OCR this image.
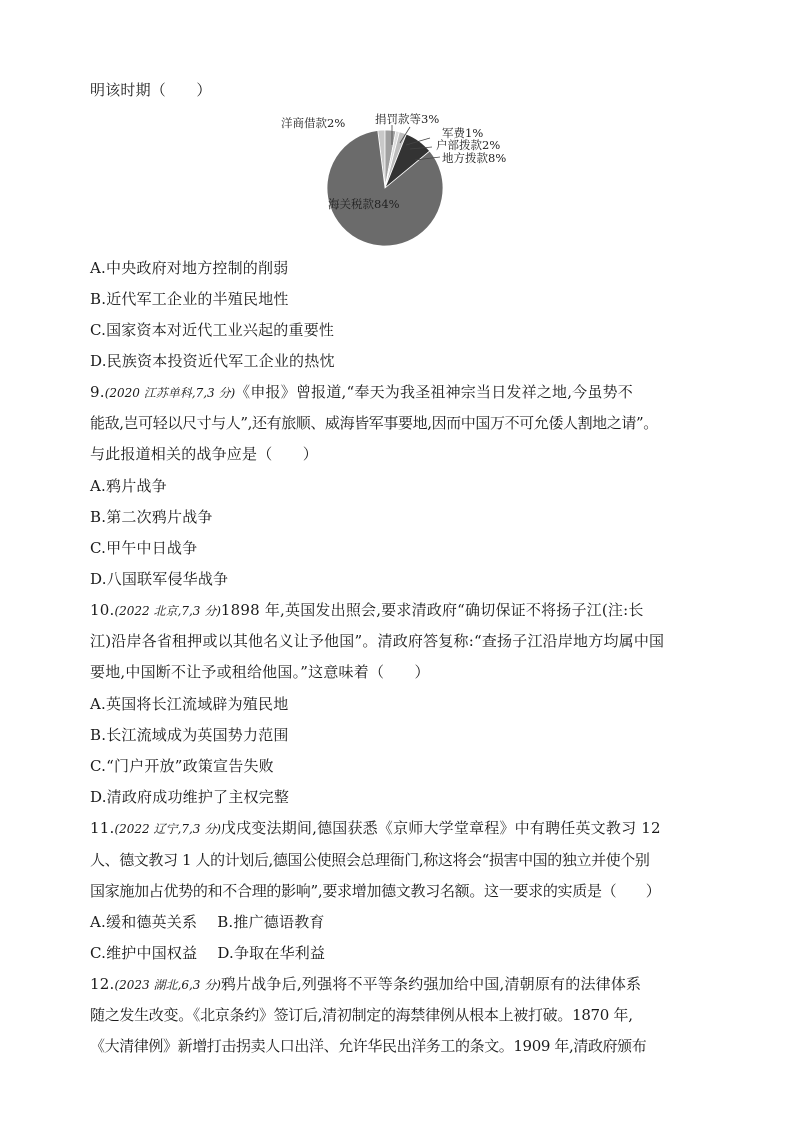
明该时期（　　）
海关税款84%
洋商借款2%	捐罚款等3%
军费1%
户部拨款2%
地方拨款8%
A.中央政府对地方控制的削弱
B.近代军工企业的半殖民地性
C.国家资本对近代工业兴起的重要性
D.民族资本投资近代军工企业的热忱
9.(2020 江苏单科,7,3 分)《申报》曾报道,“奉天为我圣祖神宗当日发祥之地,今虽势不
能敌,岂可轻以尺寸与人”,还有旅顺、威海皆军事要地,因而中国万不可允倭人割地之请”。
与此报道相关的战争应是（　　）
A.鸦片战争
B.第二次鸦片战争
C.甲午中日战争
D.八国联军侵华战争
10.(2022 北京,7,3 分)1898 年,英国发出照会,要求清政府“确切保证不将扬子江(注:长
江)沿岸各省租押或以其他名义让予他国”。清政府答复称:“查扬子江沿岸地方均属中国
要地,中国断不让予或租给他国。”这意味着（　　）
A.英国将长江流域辟为殖民地
B.长江流域成为英国势力范围
C.“门户开放”政策宣告失败
D.清政府成功维护了主权完整
11.(2022 辽宁,7,3 分)戊戌变法期间,德国获悉《京师大学堂章程》中有聘任英文教习 12
人、德文教习 1 人的计划后,德国公使照会总理衙门,称这将会“损害中国的独立并使个别
国家施加占优势的和不合理的影响”,要求增加德文教习名额。这一要求的实质是（　　）
A.缓和德英关系 B.推广德语教育
C.维护中国权益 D.争取在华利益
12.(2023 湖北,6,3 分)鸦片战争后,列强将不平等条约强加给中国,清朝原有的法律体系
随之发生改变。《北京条约》签订后,清初制定的海禁律例从根本上被打破。1870 年,
《大清律例》新增打击拐卖人口出洋、允许华民出洋务工的条文。1909 年,清政府颁布
